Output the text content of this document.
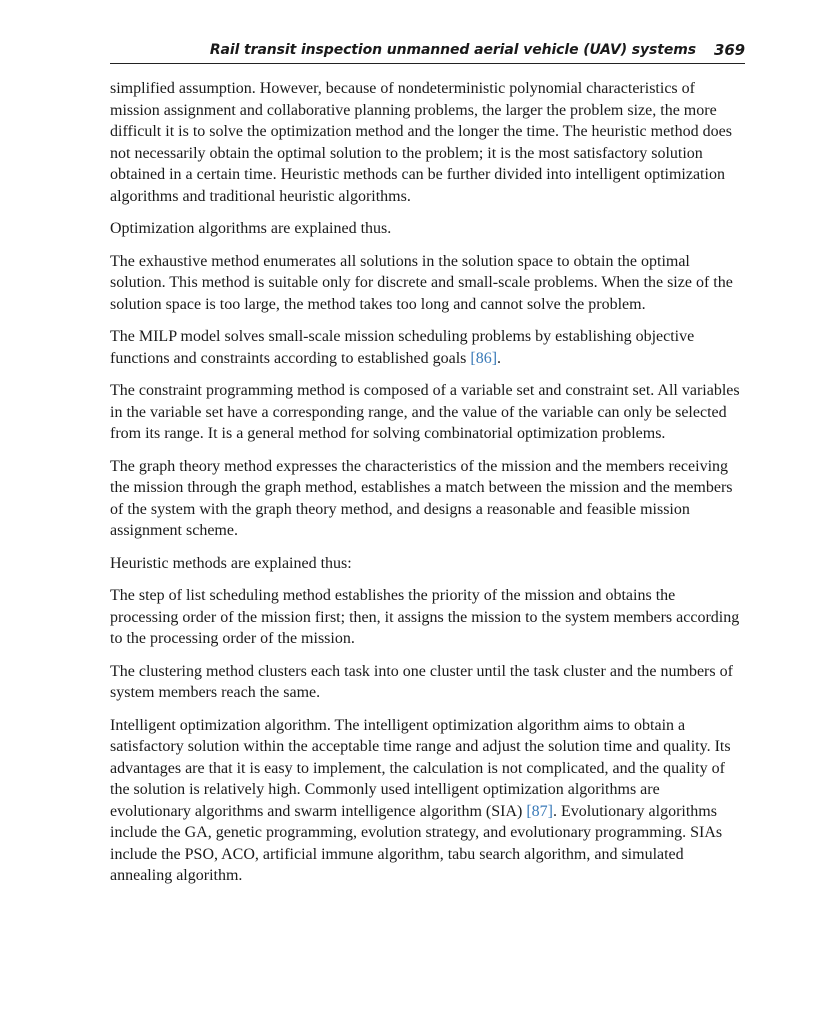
Rail transit inspection unmanned aerial vehicle (UAV) systems 369

simplified assumption. However, because of nondeterministic polynomial characteristics of mission assignment and collaborative planning problems, the larger the problem size, the more difficult it is to solve the optimization method and the longer the time. The heuristic method does not necessarily obtain the optimal solution to the problem; it is the most satisfactory solution obtained in a certain time. Heuristic methods can be further divided into intelligent optimization algorithms and traditional heuristic algorithms.

Optimization algorithms are explained thus.

The exhaustive method enumerates all solutions in the solution space to obtain the optimal solution. This method is suitable only for discrete and small-scale problems. When the size of the solution space is too large, the method takes too long and cannot solve the problem.

The MILP model solves small-scale mission scheduling problems by establishing objective functions and constraints according to established goals [86].

The constraint programming method is composed of a variable set and constraint set. All variables in the variable set have a corresponding range, and the value of the variable can only be selected from its range. It is a general method for solving combinatorial optimization problems.

The graph theory method expresses the characteristics of the mission and the members receiving the mission through the graph method, establishes a match between the mission and the members of the system with the graph theory method, and designs a reasonable and feasible mission assignment scheme.

Heuristic methods are explained thus:

The step of list scheduling method establishes the priority of the mission and obtains the processing order of the mission first; then, it assigns the mission to the system members according to the processing order of the mission.

The clustering method clusters each task into one cluster until the task cluster and the numbers of system members reach the same.

Intelligent optimization algorithm. The intelligent optimization algorithm aims to obtain a satisfactory solution within the acceptable time range and adjust the solution time and quality. Its advantages are that it is easy to implement, the calculation is not complicated, and the quality of the solution is relatively high. Commonly used intelligent optimization algorithms are evolutionary algorithms and swarm intelligence algorithm (SIA) [87]. Evolutionary algorithms include the GA, genetic programming, evolution strategy, and evolutionary programming. SIAs include the PSO, ACO, artificial immune algorithm, tabu search algorithm, and simulated annealing algorithm.
